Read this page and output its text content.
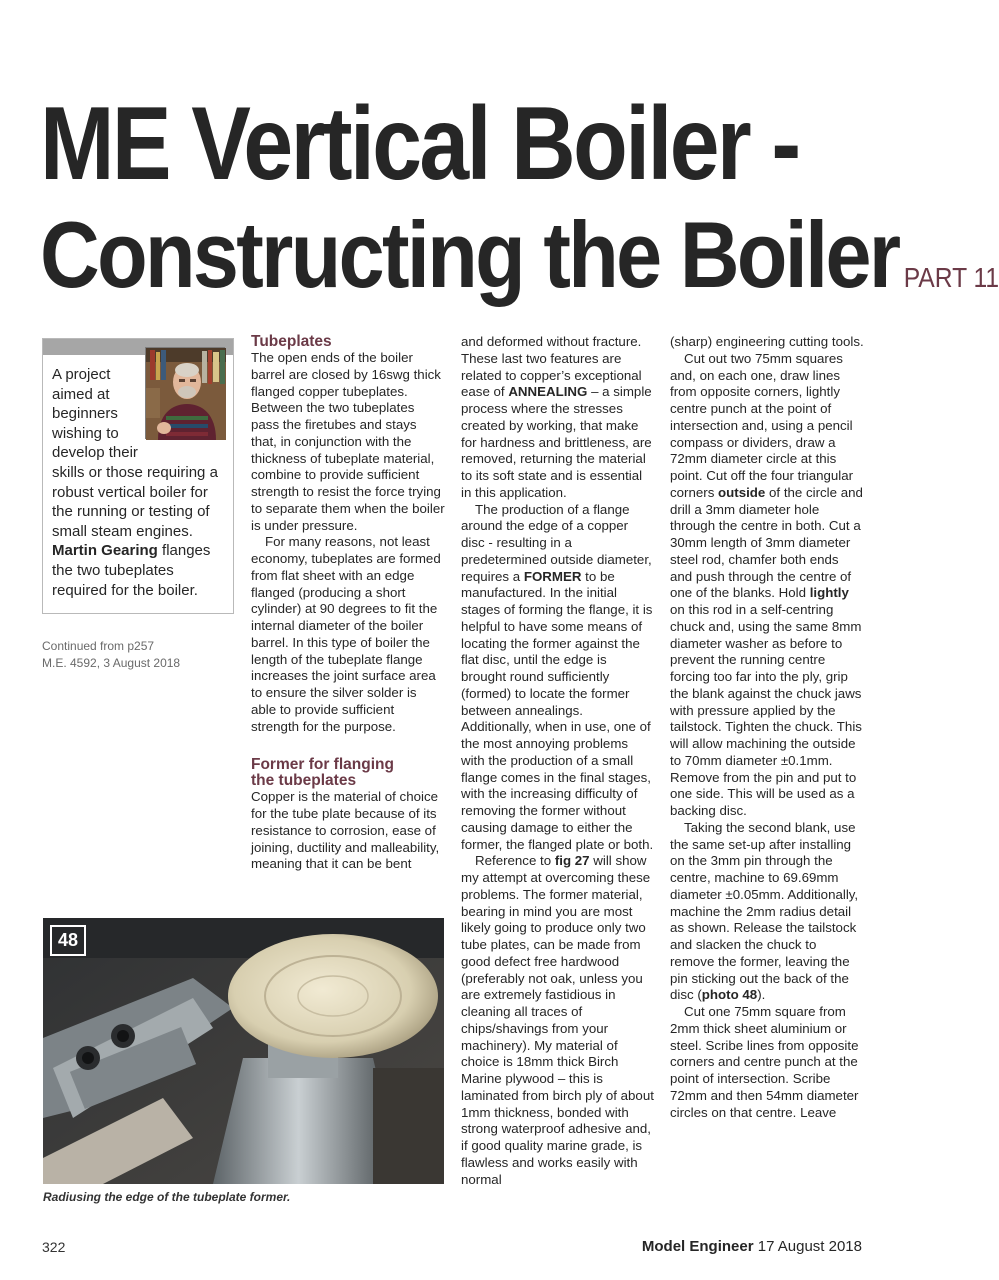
ME Vertical Boiler -
Constructing the Boiler PART 11

A projectaimed atbeginnerswishing todevelop their
skills or those requiring a robust vertical boiler for the running or testing of small steam engines. Martin Gearing flanges the two tubeplates required for the boiler.

Continued from p257
M.E. 4592, 3 August 2018

Tubeplates

The open ends of the boiler barrel are closed by 16swg thick flanged copper tubeplates. Between the two tubeplates pass the firetubes and stays that, in conjunction with the thickness of tubeplate material, combine to provide sufficient strength to resist the force trying to separate them when the boiler is under pressure.

For many reasons, not least economy, tubeplates are formed from flat sheet with an edge flanged (producing a short cylinder) at 90 degrees to fit the internal diameter of the boiler barrel. In this type of boiler the length of the tubeplate flange increases the joint surface area to ensure the silver solder is able to provide sufficient strength for the purpose.

Former for flanging
the tubeplates

Copper is the material of choice for the tube plate because of its resistance to corrosion, ease of joining, ductility and malleability, meaning that it can be bent

and deformed without fracture. These last two features are related to copper’s exceptional ease of ANNEALING – a simple process where the stresses created by working, that make for hardness and brittleness, are removed, returning the material to its soft state and is essential in this application.

The production of a flange around the edge of a copper disc - resulting in a predetermined outside diameter, requires a FORMER to be manufactured. In the initial stages of forming the flange, it is helpful to have some means of locating the former against the flat disc, until the edge is brought round sufficiently (formed) to locate the former between annealings. Additionally, when in use, one of the most annoying problems with the production of a small flange comes in the final stages, with the increasing difficulty of removing the former without causing damage to either the former, the flanged plate or both.

Reference to fig 27 will show my attempt at overcoming these problems. The former material, bearing in mind you are most likely going to produce only two tube plates, can be made from good defect free hardwood (preferably not oak, unless you are extremely fastidious in cleaning all traces of chips/shavings from your machinery). My material of choice is 18mm thick Birch Marine plywood – this is laminated from birch ply of about 1mm thickness, bonded with strong waterproof adhesive and, if good quality marine grade, is flawless and works easily with normal

(sharp) engineering cutting tools.

Cut out two 75mm squares and, on each one, draw lines from opposite corners, lightly centre punch at the point of intersection and, using a pencil compass or dividers, draw a 72mm diameter circle at this point. Cut off the four triangular corners outside of the circle and drill a 3mm diameter hole through the centre in both. Cut a 30mm length of 3mm diameter steel rod, chamfer both ends and push through the centre of one of the blanks. Hold lightly on this rod in a self-centring chuck and, using the same 8mm diameter washer as before to prevent the running centre forcing too far into the ply, grip the blank against the chuck jaws with pressure applied by the tailstock. Tighten the chuck. This will allow machining the outside to 70mm diameter ±0.1mm. Remove from the pin and put to one side. This will be used as a backing disc.

Taking the second blank, use the same set-up after installing on the 3mm pin through the centre, machine to 69.69mm diameter ±0.05mm. Additionally, machine the 2mm radius detail as shown. Release the tailstock and slacken the chuck to remove the former, leaving the pin sticking out the back of the disc (photo 48).

Cut one 75mm square from 2mm thick sheet aluminium or steel. Scribe lines from opposite corners and centre punch at the point of intersection. Scribe 72mm and then 54mm diameter circles on that centre. Leave

48

Radiusing the edge of the tubeplate former.

322	Model Engineer 17 August 2018
